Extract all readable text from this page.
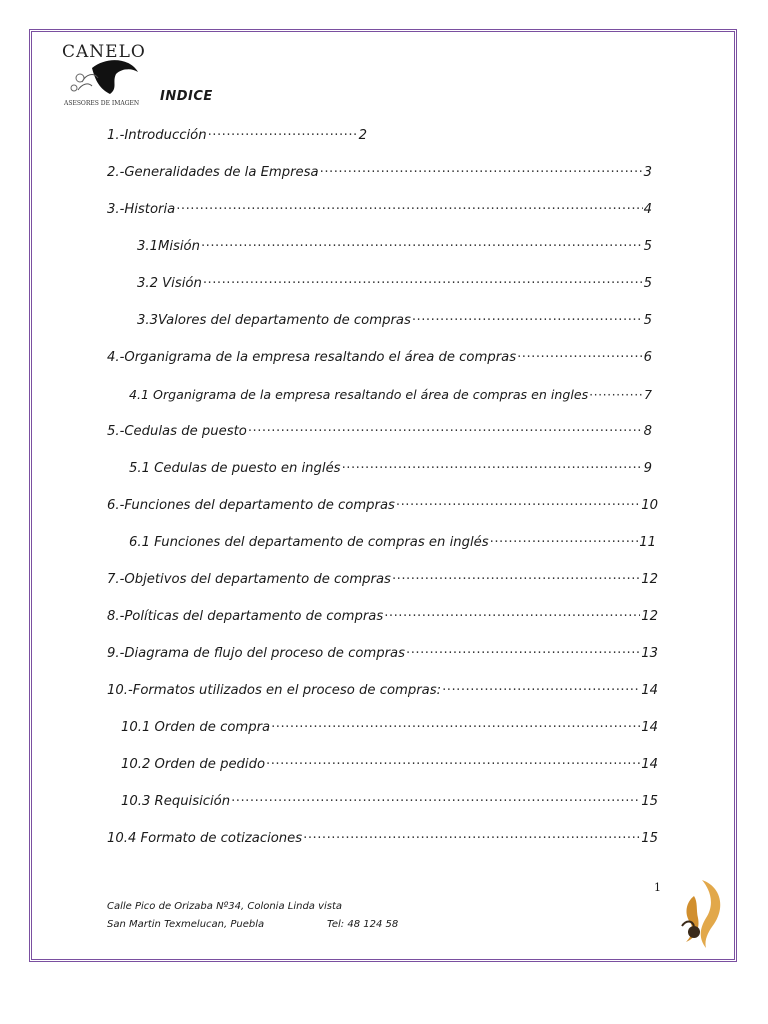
CANELO
ASESORES DE IMAGEN INDICE
1.-Introducción ·····	2
2.-Generalidades de la Empresa ·····	3
3.-Historia ·····	4
3.1Misión ·····	5
3.2 Visión ·····	5
3.3Valores del departamento de compras ·····	5
4.-Organigrama de la empresa resaltando el área de compras ·····	6
4.1 Organigrama de la empresa resaltando el área de compras en ingles ·····	7
5.-Cedulas de puesto ·····	8
5.1 Cedulas de puesto en inglés ·····	9
6.-Funciones del departamento de compras ·····	10
6.1 Funciones del departamento de compras en inglés ·····	11
7.-Objetivos del departamento de compras ·····	12
8.-Políticas del departamento de compras ·····	12
9.-Diagrama de flujo del proceso de compras ·····	13
10.-Formatos utilizados en el proceso de compras: ·····	14
10.1 Orden de compra ·····	14
10.2 Orden de pedido ·····	14
10.3 Requisición ·····	15
10.4 Formato de cotizaciones ·····	15
Calle Pico de Orizaba Nº34, Colonia Linda vista
San Martin Texmelucan, Puebla	Tel: 48 124 58
1
